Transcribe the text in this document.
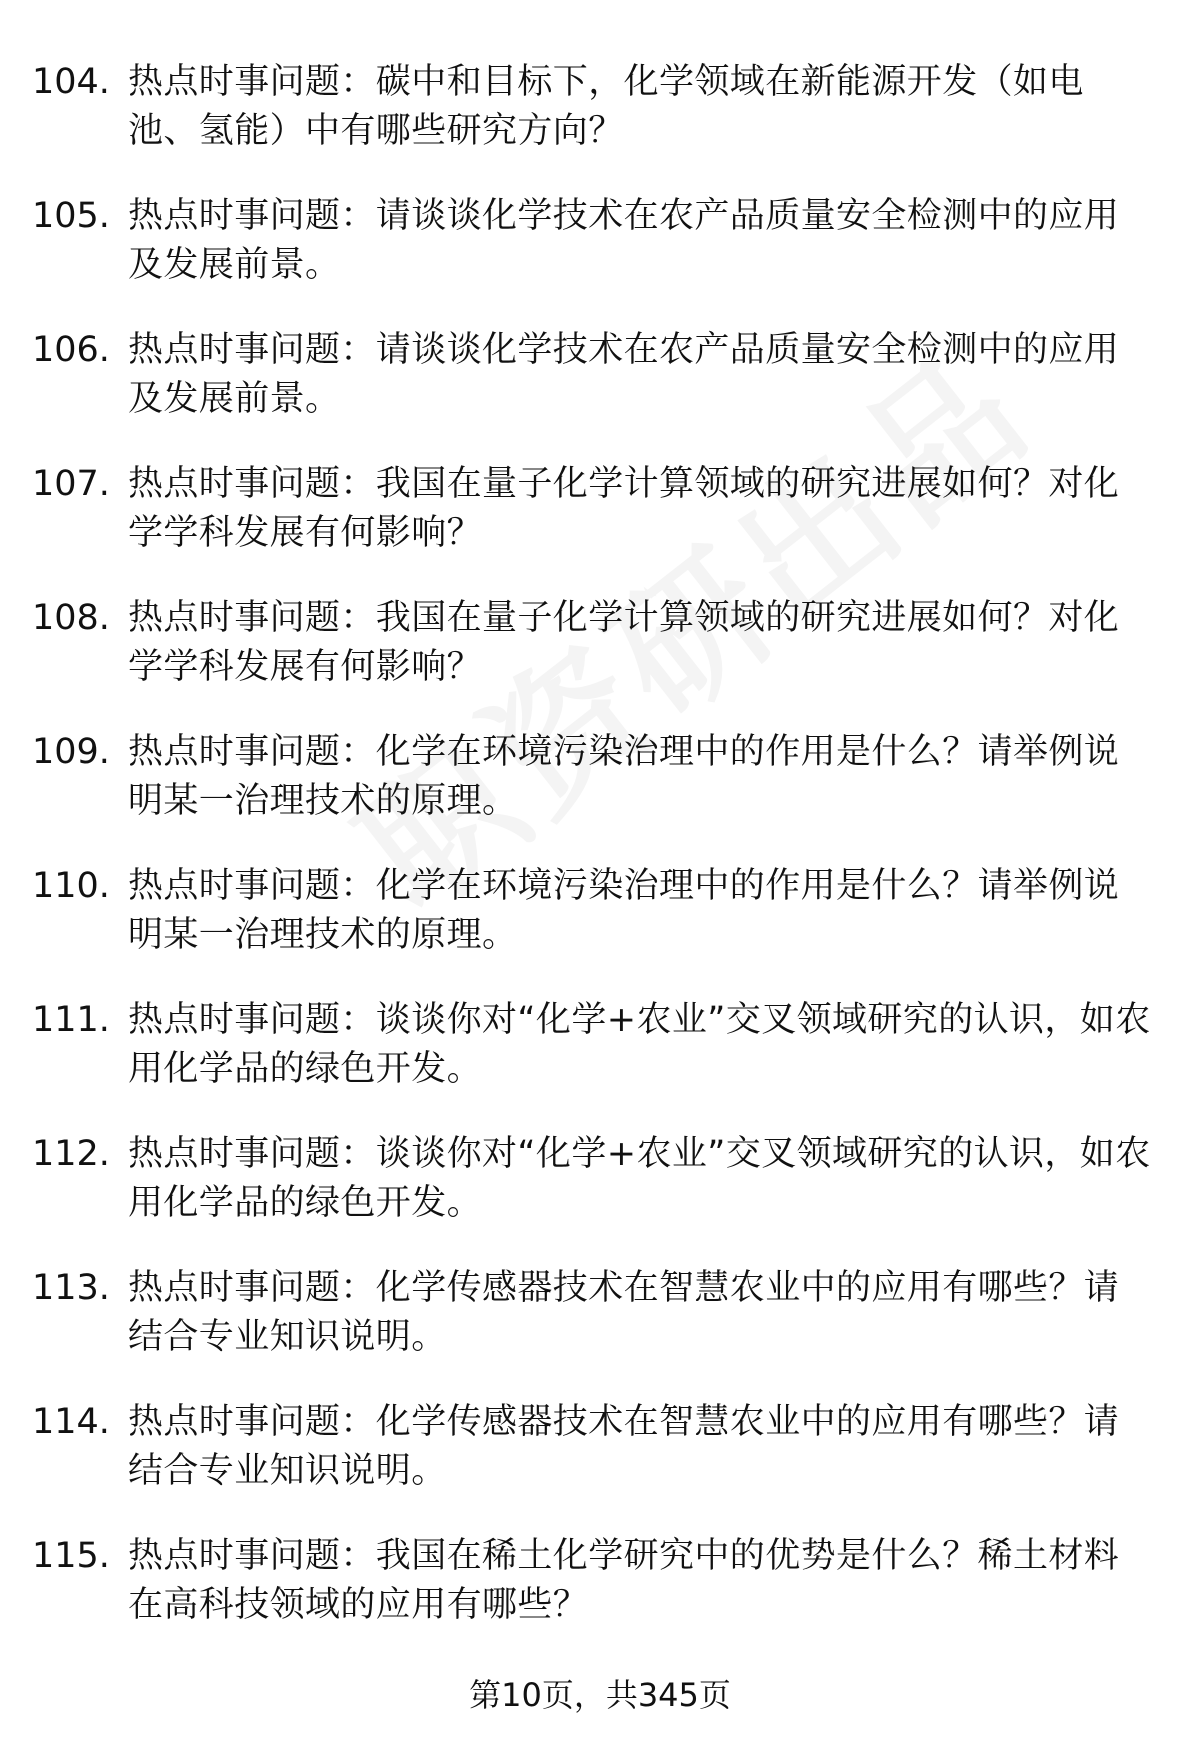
104. 热点时事问题：碳中和目标下，化学领域在新能源开发（如电池、氢能）中有哪些研究方向？
105. 热点时事问题：请谈谈化学技术在农产品质量安全检测中的应用及发展前景。
106. 热点时事问题：请谈谈化学技术在农产品质量安全检测中的应用及发展前景。
107. 热点时事问题：我国在量子化学计算领域的研究进展如何？对化学学科发展有何影响？
108. 热点时事问题：我国在量子化学计算领域的研究进展如何？对化学学科发展有何影响？
109. 热点时事问题：化学在环境污染治理中的作用是什么？请举例说明某一治理技术的原理。
110. 热点时事问题：化学在环境污染治理中的作用是什么？请举例说明某一治理技术的原理。
111. 热点时事问题：谈谈你对“化学+农业”交叉领域研究的认识，如农用化学品的绿色开发。
112. 热点时事问题：谈谈你对“化学+农业”交叉领域研究的认识，如农用化学品的绿色开发。
113. 热点时事问题：化学传感器技术在智慧农业中的应用有哪些？请结合专业知识说明。
114. 热点时事问题：化学传感器技术在智慧农业中的应用有哪些？请结合专业知识说明。
115. 热点时事问题：我国在稀土化学研究中的优势是什么？稀土材料在高科技领域的应用有哪些？
第10页，共345页
